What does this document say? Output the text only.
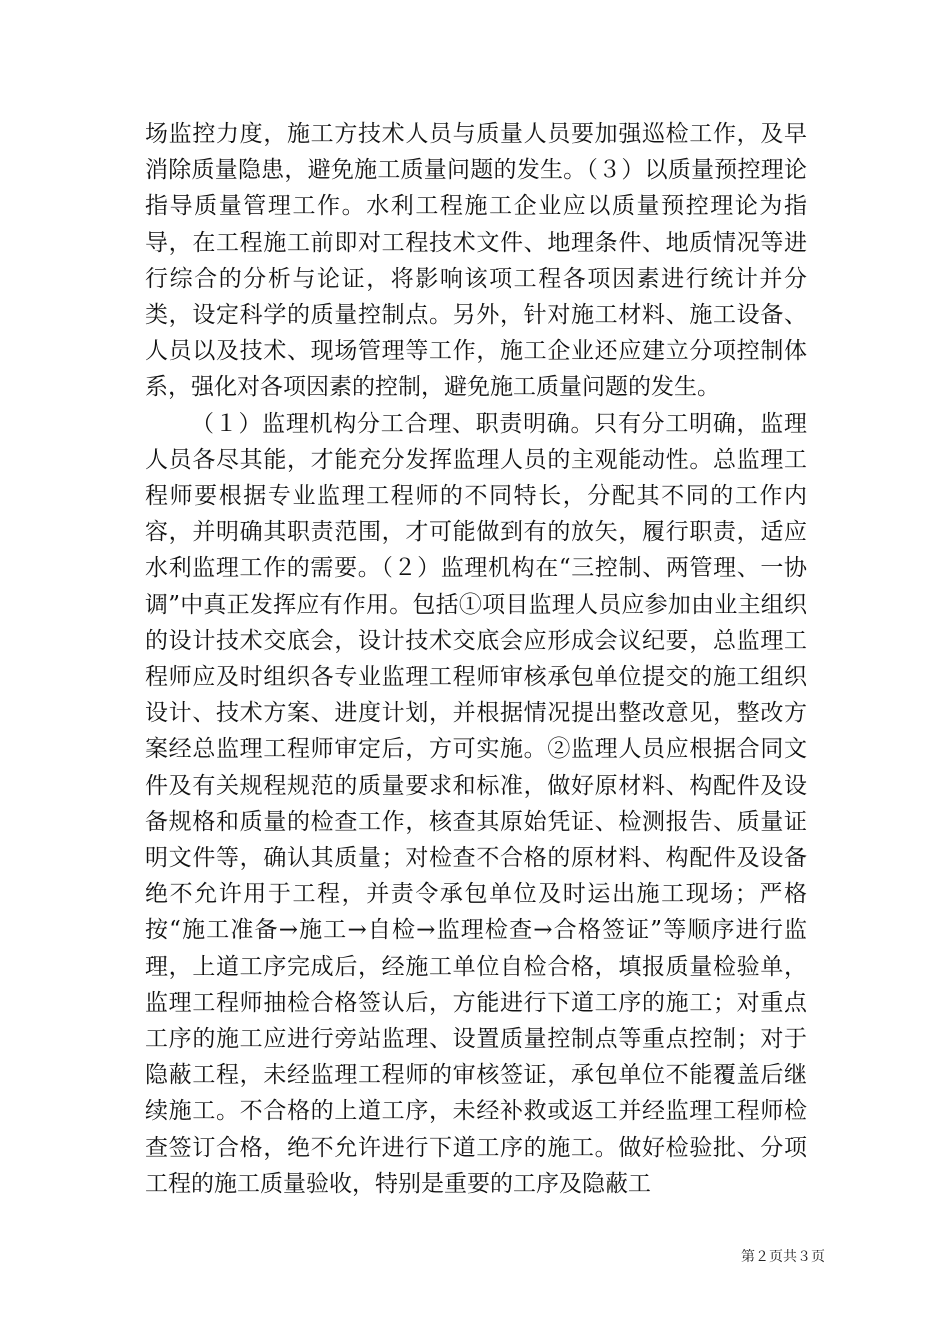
场监控力度，施工方技术人员与质量人员要加强巡检工作，及早消除质量隐患，避免施工质量问题的发生。（３）以质量预控理论指导质量管理工作。水利工程施工企业应以质量预控理论为指导，在工程施工前即对工程技术文件、地理条件、地质情况等进行综合的分析与论证，将影响该项工程各项因素进行统计并分类，设定科学的质量控制点。另外，针对施工材料、施工设备、人员以及技术、现场管理等工作，施工企业还应建立分项控制体系，强化对各项因素的控制，避免施工质量问题的发生。

（１）监理机构分工合理、职责明确。只有分工明确，监理人员各尽其能，才能充分发挥监理人员的主观能动性。总监理工程师要根据专业监理工程师的不同特长，分配其不同的工作内容，并明确其职责范围，才可能做到有的放矢，履行职责，适应水利监理工作的需要。（２）监理机构在“三控制、两管理、一协调”中真正发挥应有作用。包括①项目监理人员应参加由业主组织的设计技术交底会，设计技术交底会应形成会议纪要，总监理工程师应及时组织各专业监理工程师审核承包单位提交的施工组织设计、技术方案、进度计划，并根据情况提出整改意见，整改方案经总监理工程师审定后，方可实施。②监理人员应根据合同文件及有关规程规范的质量要求和标准，做好原材料、构配件及设备规格和质量的检查工作，核查其原始凭证、检测报告、质量证明文件等，确认其质量；对检查不合格的原材料、构配件及设备绝不允许用于工程，并责令承包单位及时运出施工现场；严格按“施工准备→施工→自检→监理检查→合格签证”等顺序进行监理，上道工序完成后，经施工单位自检合格，填报质量检验单，监理工程师抽检合格签认后，方能进行下道工序的施工；对重点工序的施工应进行旁站监理、设置质量控制点等重点控制；对于隐蔽工程，未经监理工程师的审核签证，承包单位不能覆盖后继续施工。不合格的上道工序，未经补救或返工并经监理工程师检查签订合格，绝不允许进行下道工序的施工。做好检验批、分项工程的施工质量验收，特别是重要的工序及隐蔽工

第２页共３页
